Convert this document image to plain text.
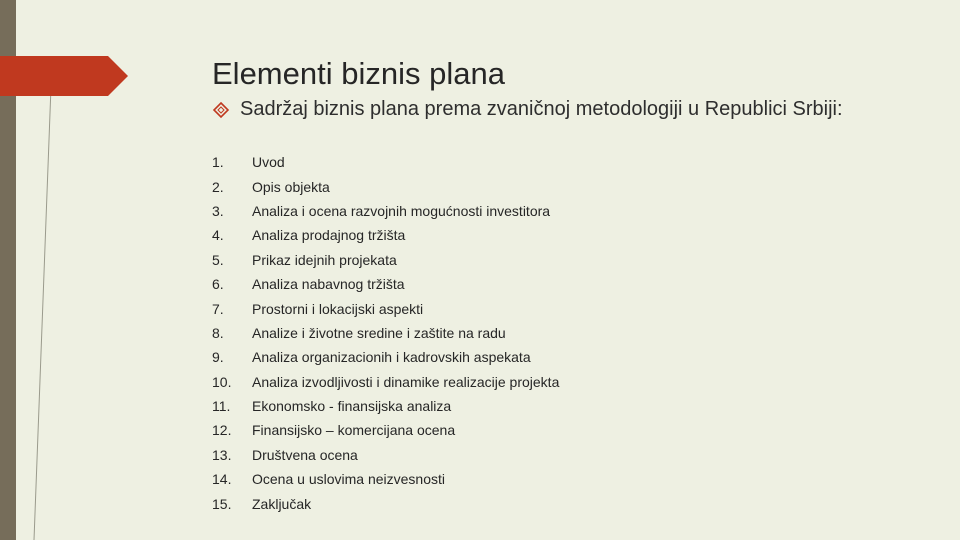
Elementi biznis plana
Sadržaj biznis plana prema zvaničnoj metodologiji u Republici Srbiji:
1.	Uvod
2.	Opis objekta
3.	Analiza i ocena razvojnih mogućnosti investitora
4.	Analiza prodajnog tržišta
5.	Prikaz idejnih projekata
6.	Analiza nabavnog tržišta
7.	Prostorni i lokacijski aspekti
8.	Analize i životne sredine i zaštite na radu
9.	Analiza organizacionih i kadrovskih aspekata
10.	Analiza izvodljivosti i dinamike realizacije projekta
11.	Ekonomsko - finansijska analiza
12.	Finansijsko – komercijana ocena
13.	Društvena ocena
14.	Ocena u uslovima neizvesnosti
15.	Zaključak
